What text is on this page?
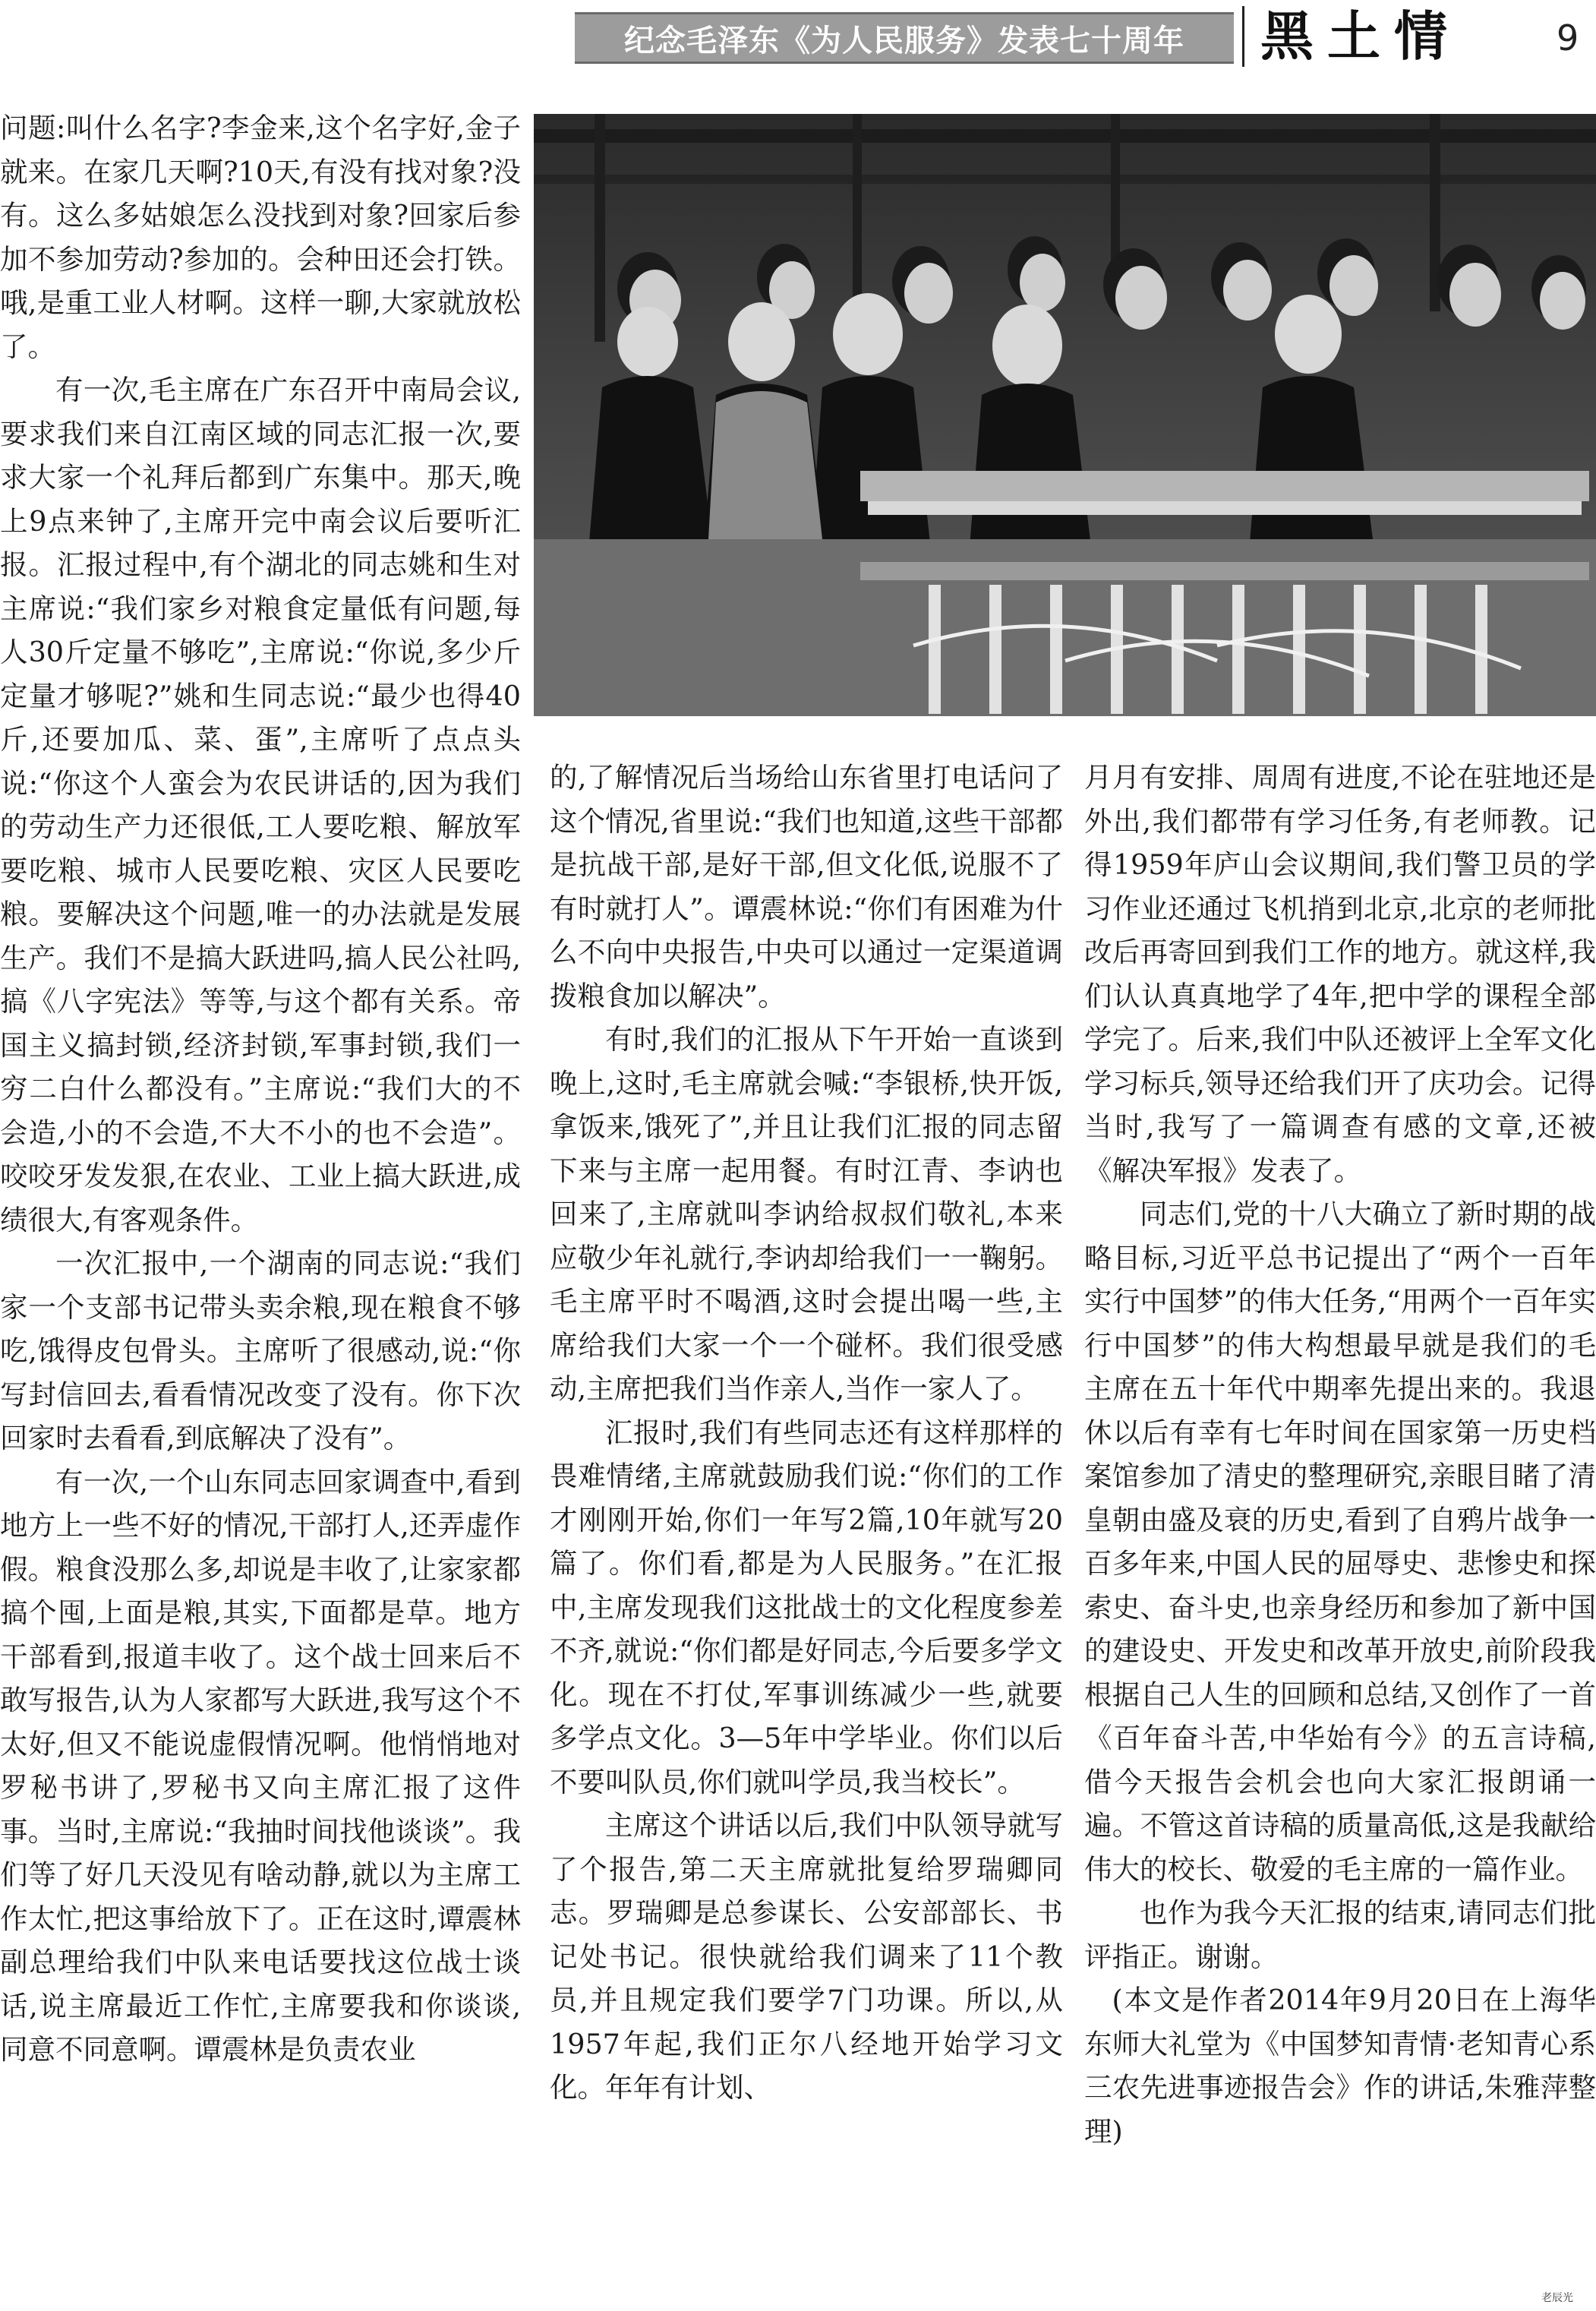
纪念毛泽东《为人民服务》发表七十周年 黑土情	9

问题:叫什么名字?李金来,这个名字好,金子就来。在家几天啊?10天,有没有找对象?没有。这么多姑娘怎么没找到对象?回家后参加不参加劳动?参加的。会种田还会打铁。哦,是重工业人材啊。这样一聊,大家就放松了。

有一次,毛主席在广东召开中南局会议,要求我们来自江南区域的同志汇报一次,要求大家一个礼拜后都到广东集中。那天,晚上9点来钟了,主席开完中南会议后要听汇报。汇报过程中,有个湖北的同志姚和生对主席说:“我们家乡对粮食定量低有问题,每人30斤定量不够吃”,主席说:“你说,多少斤定量才够呢?”姚和生同志说:“最少也得40斤,还要加瓜、菜、蛋”,主席听了点点头说:“你这个人蛮会为农民讲话的,因为我们的劳动生产力还很低,工人要吃粮、解放军要吃粮、城市人民要吃粮、灾区人民要吃粮。要解决这个问题,唯一的办法就是发展生产。我们不是搞大跃进吗,搞人民公社吗,搞《八字宪法》等等,与这个都有关系。帝国主义搞封锁,经济封锁,军事封锁,我们一穷二白什么都没有。”主席说:“我们大的不会造,小的不会造,不大不小的也不会造”。咬咬牙发发狠,在农业、工业上搞大跃进,成绩很大,有客观条件。

一次汇报中,一个湖南的同志说:“我们家一个支部书记带头卖余粮,现在粮食不够吃,饿得皮包骨头。主席听了很感动,说:“你写封信回去,看看情况改变了没有。你下次回家时去看看,到底解决了没有”。

有一次,一个山东同志回家调查中,看到地方上一些不好的情况,干部打人,还弄虚作假。粮食没那么多,却说是丰收了,让家家都搞个囤,上面是粮,其实,下面都是草。地方干部看到,报道丰收了。这个战士回来后不敢写报告,认为人家都写大跃进,我写这个不太好,但又不能说虚假情况啊。他悄悄地对罗秘书讲了,罗秘书又向主席汇报了这件事。当时,主席说:“我抽时间找他谈谈”。我们等了好几天没见有啥动静,就以为主席工作太忙,把这事给放下了。正在这时,谭震林副总理给我们中队来电话要找这位战士谈话,说主席最近工作忙,主席要我和你谈谈,同意不同意啊。谭震林是负责农业

的,了解情况后当场给山东省里打电话问了这个情况,省里说:“我们也知道,这些干部都是抗战干部,是好干部,但文化低,说服不了有时就打人”。谭震林说:“你们有困难为什么不向中央报告,中央可以通过一定渠道调拨粮食加以解决”。

有时,我们的汇报从下午开始一直谈到晚上,这时,毛主席就会喊:“李银桥,快开饭,拿饭来,饿死了”,并且让我们汇报的同志留下来与主席一起用餐。有时江青、李讷也回来了,主席就叫李讷给叔叔们敬礼,本来应敬少年礼就行,李讷却给我们一一鞠躬。毛主席平时不喝酒,这时会提出喝一些,主席给我们大家一个一个碰杯。我们很受感动,主席把我们当作亲人,当作一家人了。

汇报时,我们有些同志还有这样那样的畏难情绪,主席就鼓励我们说:“你们的工作才刚刚开始,你们一年写2篇,10年就写20篇了。你们看,都是为人民服务。”在汇报中,主席发现我们这批战士的文化程度参差不齐,就说:“你们都是好同志,今后要多学文化。现在不打仗,军事训练减少一些,就要多学点文化。3—5年中学毕业。你们以后不要叫队员,你们就叫学员,我当校长”。

主席这个讲话以后,我们中队领导就写了个报告,第二天主席就批复给罗瑞卿同志。罗瑞卿是总参谋长、公安部部长、书记处书记。很快就给我们调来了11个教员,并且规定我们要学7门功课。所以,从1957年起,我们正尔八经地开始学习文化。年年有计划、

月月有安排、周周有进度,不论在驻地还是外出,我们都带有学习任务,有老师教。记得1959年庐山会议期间,我们警卫员的学习作业还通过飞机捎到北京,北京的老师批改后再寄回到我们工作的地方。就这样,我们认认真真地学了4年,把中学的课程全部学完了。后来,我们中队还被评上全军文化学习标兵,领导还给我们开了庆功会。记得当时,我写了一篇调查有感的文章,还被《解决军报》发表了。

同志们,党的十八大确立了新时期的战略目标,习近平总书记提出了“两个一百年实行中国梦”的伟大任务,“用两个一百年实行中国梦”的伟大构想最早就是我们的毛主席在五十年代中期率先提出来的。我退休以后有幸有七年时间在国家第一历史档案馆参加了清史的整理研究,亲眼目睹了清皇朝由盛及衰的历史,看到了自鸦片战争一百多年来,中国人民的屈辱史、悲惨史和探索史、奋斗史,也亲身经历和参加了新中国的建设史、开发史和改革开放史,前阶段我根据自己人生的回顾和总结,又创作了一首《百年奋斗苦,中华始有今》的五言诗稿,借今天报告会机会也向大家汇报朗诵一遍。不管这首诗稿的质量高低,这是我献给伟大的校长、敬爱的毛主席的一篇作业。

也作为我今天汇报的结束,请同志们批评指正。谢谢。

(本文是作者2014年9月20日在上海华东师大礼堂为《中国梦知青情·老知青心系三农先进事迹报告会》作的讲话,朱雅萍整理)

老辰光
